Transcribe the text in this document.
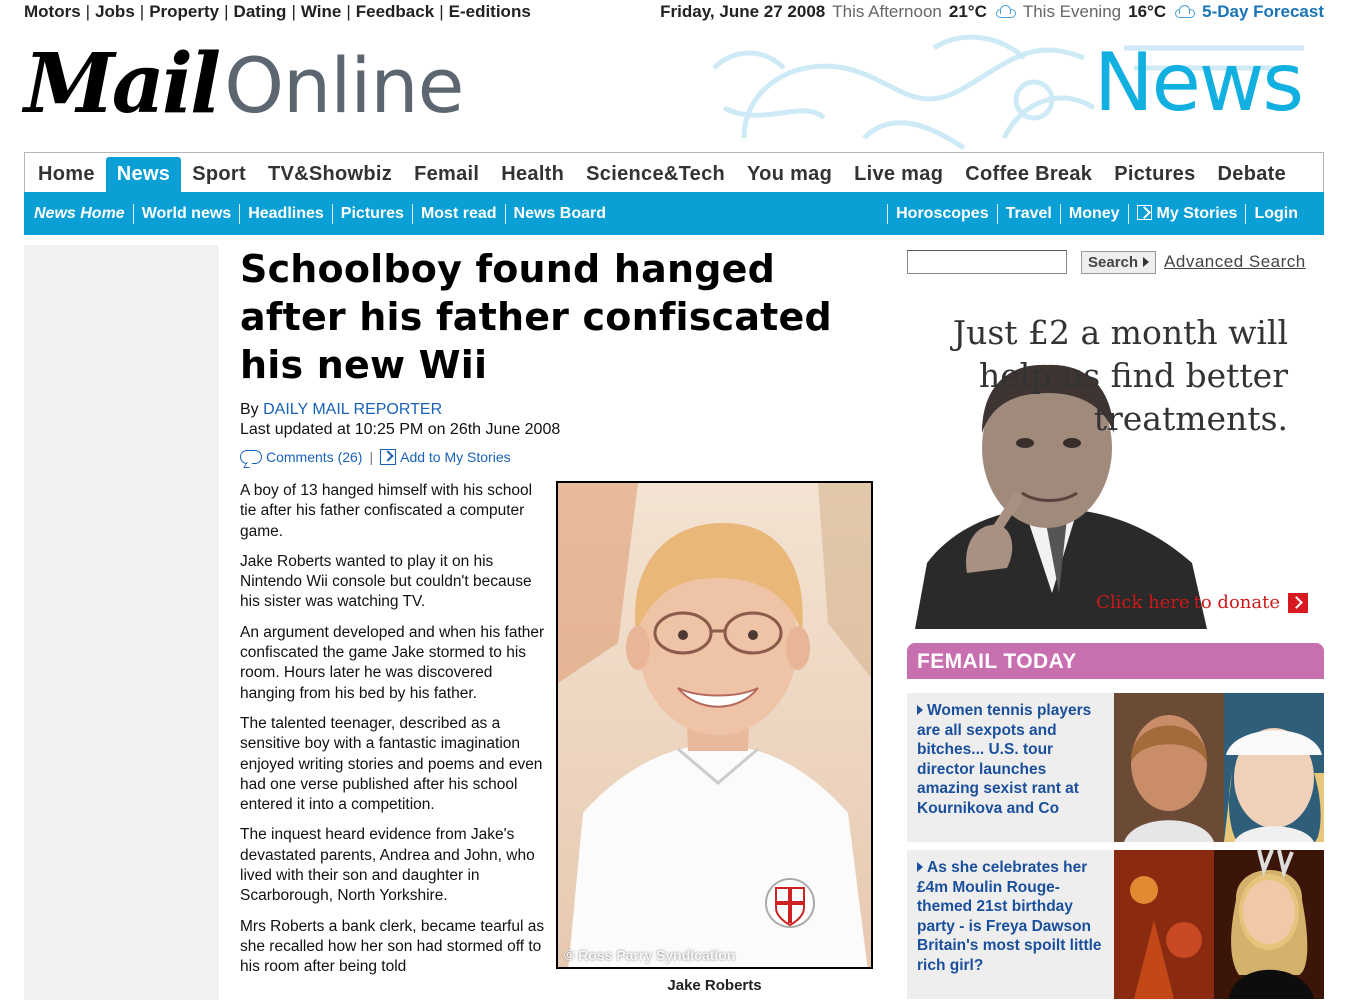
Motors | Jobs | Property | Dating | Wine | Feedback | E-editions	Friday, June 27 2008 This Afternoon 21°C This Evening 16°C 5-Day Forecast
Mail Online	News
Home	News	Sport	TV&Showbiz	Femail	Health	Science&Tech	You mag	Live mag	Coffee Break	Pictures	Debate
News Home	World news	Headlines	Pictures	Most read	News Board	Horoscopes	Travel	Money	My Stories	Login
Schoolboy found hanged after his father confiscated his new Wii
By DAILY MAIL REPORTER
Last updated at 10:25 PM on 26th June 2008
Comments (26) | Add to My Stories

A boy of 13 hanged himself with his school tie after his father confiscated a computer game.

Jake Roberts wanted to play it on his Nintendo Wii console but couldn't because his sister was watching TV.

An argument developed and when his father confiscated the game Jake stormed to his room. Hours later he was discovered hanging from his bed by his father.

The talented teenager, described as a sensitive boy with a fantastic imagination enjoyed writing stories and poems and even had one verse published after his school entered it into a competition.

The inquest heard evidence from Jake's devastated parents, Andrea and John, who lived with their son and daughter in Scarborough, North Yorkshire.

Mrs Roberts a bank clerk, became tearful as she recalled how her son had stormed off to his room after being told

© Ross Parry Syndication
Jake Roberts
Search Advanced Search
Just £2 a month will
help us find better
treatments.
Click here to donate
FEMAIL TODAY
Women tennis players are all sexpots and bitches... U.S. tour director launches amazing sexist rant at Kournikova and Co
As she celebrates her £4m Moulin Rouge-themed 21st birthday party - is Freya Dawson Britain's most spoilt little rich girl?
